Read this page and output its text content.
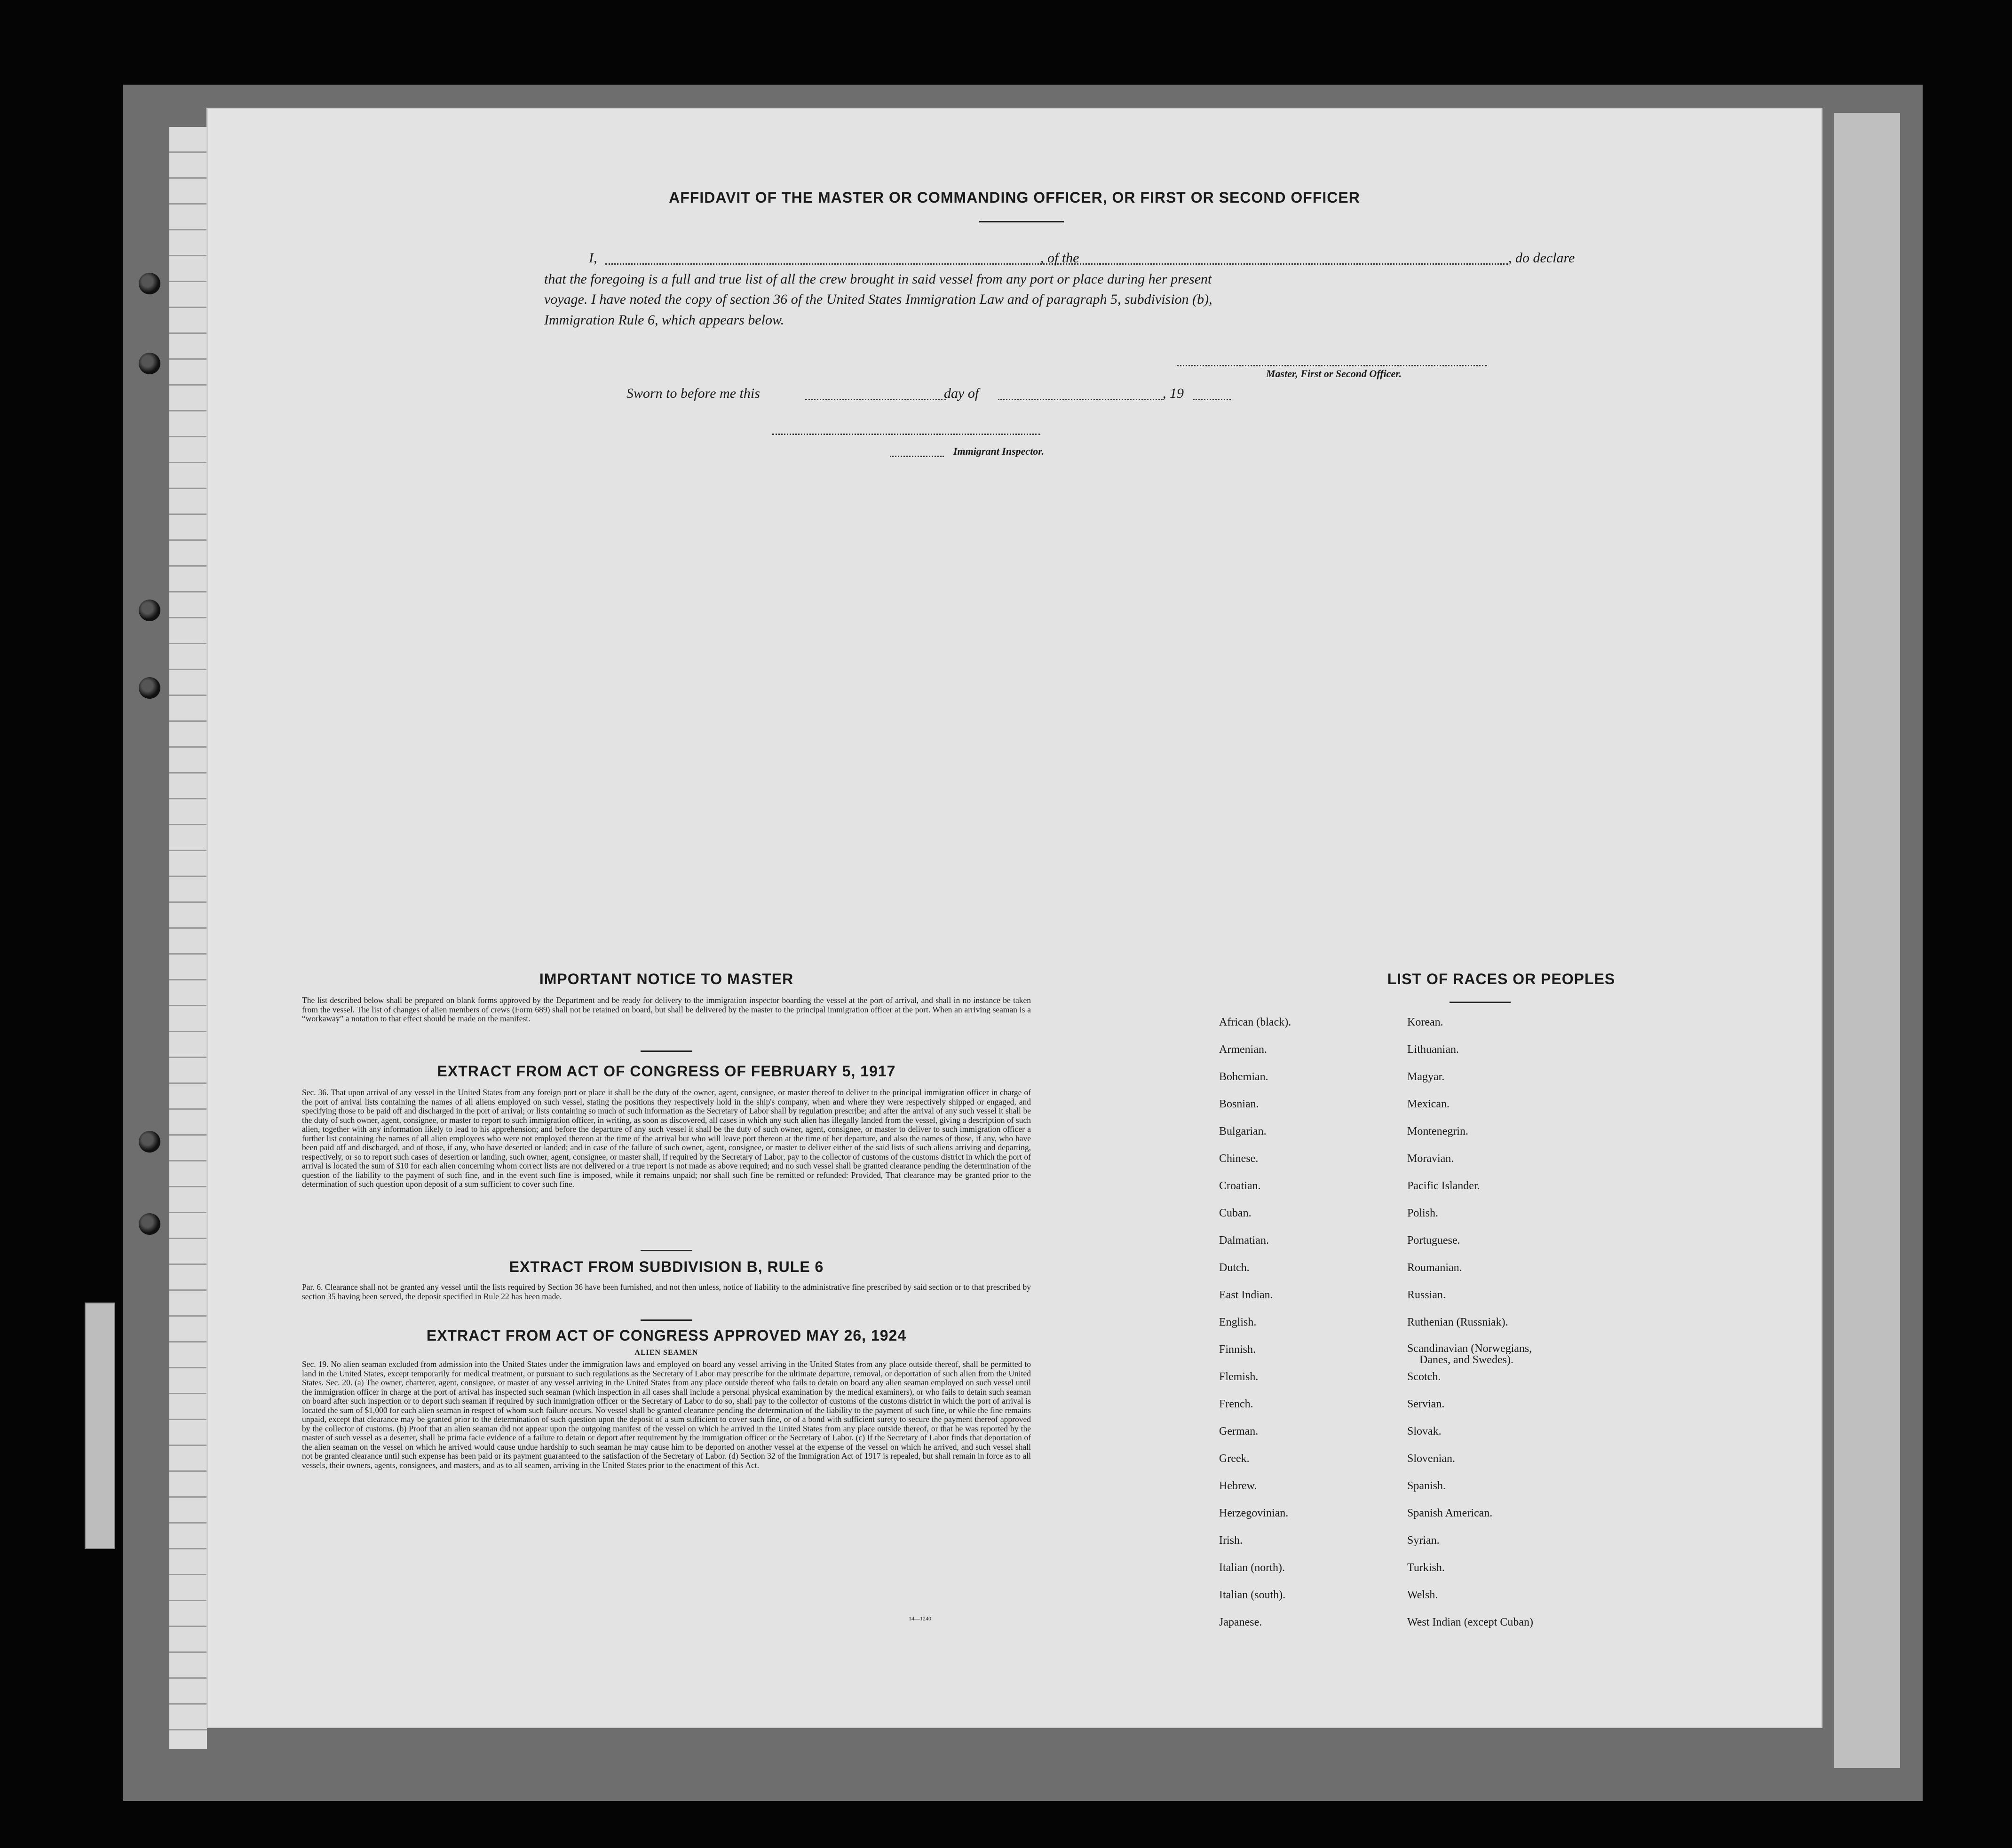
AFFIDAVIT OF THE MASTER OR COMMANDING OFFICER, OR FIRST OR SECOND OFFICER
I,	, of the	, do declare
that the foregoing is a full and true list of all the crew brought in said vessel from any port or place during her present
voyage. I have noted the copy of section 36 of the United States Immigration Law and of paragraph 5, subdivision (b),
Immigration Rule 6, which appears below.
Master, First or Second Officer.
Sworn to before me this	day of	, 19
Immigrant Inspector.
IMPORTANT NOTICE TO MASTER
The list described below shall be prepared on blank forms approved by the Department and be ready for delivery to the immigration inspector boarding the vessel at the port of arrival, and shall in no instance be taken from the vessel. The list of changes of alien members of crews (Form 689) shall not be retained on board, but shall be delivered by the master to the principal immigration officer at the port. When an arriving seaman is a “workaway” a notation to that effect should be made on the manifest.
EXTRACT FROM ACT OF CONGRESS OF FEBRUARY 5, 1917
Sec. 36. That upon arrival of any vessel in the United States from any foreign port or place it shall be the duty of the owner, agent, consignee, or master thereof to deliver to the principal immigration officer in charge of the port of arrival lists containing the names of all aliens employed on such vessel, stating the positions they respectively hold in the ship's company, when and where they were respectively shipped or engaged, and specifying those to be paid off and discharged in the port of arrival; or lists containing so much of such information as the Secretary of Labor shall by regulation prescribe; and after the arrival of any such vessel it shall be the duty of such owner, agent, consignee, or master to report to such immigration officer, in writing, as soon as discovered, all cases in which any such alien has illegally landed from the vessel, giving a description of such alien, together with any information likely to lead to his apprehension; and before the departure of any such vessel it shall be the duty of such owner, agent, consignee, or master to deliver to such immigration officer a further list containing the names of all alien employees who were not employed thereon at the time of the arrival but who will leave port thereon at the time of her departure, and also the names of those, if any, who have been paid off and discharged, and of those, if any, who have deserted or landed; and in case of the failure of such owner, agent, consignee, or master to deliver either of the said lists of such aliens arriving and departing, respectively, or so to report such cases of desertion or landing, such owner, agent, consignee, or master shall, if required by the Secretary of Labor, pay to the collector of customs of the customs district in which the port of arrival is located the sum of $10 for each alien concerning whom correct lists are not delivered or a true report is not made as above required; and no such vessel shall be granted clearance pending the determination of the question of the liability to the payment of such fine, and in the event such fine is imposed, while it remains unpaid; nor shall such fine be remitted or refunded: Provided, That clearance may be granted prior to the determination of such question upon deposit of a sum sufficient to cover such fine.
EXTRACT FROM SUBDIVISION B, RULE 6
Par. 6. Clearance shall not be granted any vessel until the lists required by Section 36 have been furnished, and not then unless, notice of liability to the administrative fine prescribed by said section or to that prescribed by section 35 having been served, the deposit specified in Rule 22 has been made.
EXTRACT FROM ACT OF CONGRESS APPROVED MAY 26, 1924
ALIEN SEAMEN
Sec. 19. No alien seaman excluded from admission into the United States under the immigration laws and employed on board any vessel arriving in the United States from any place outside thereof, shall be permitted to land in the United States, except temporarily for medical treatment, or pursuant to such regulations as the Secretary of Labor may prescribe for the ultimate departure, removal, or deportation of such alien from the United States. Sec. 20. (a) The owner, charterer, agent, consignee, or master of any vessel arriving in the United States from any place outside thereof who fails to detain on board any alien seaman employed on such vessel until the immigration officer in charge at the port of arrival has inspected such seaman (which inspection in all cases shall include a personal physical examination by the medical examiners), or who fails to detain such seaman on board after such inspection or to deport such seaman if required by such immigration officer or the Secretary of Labor to do so, shall pay to the collector of customs of the customs district in which the port of arrival is located the sum of $1,000 for each alien seaman in respect of whom such failure occurs. No vessel shall be granted clearance pending the determination of the liability to the payment of such fine, or while the fine remains unpaid, except that clearance may be granted prior to the determination of such question upon the deposit of a sum sufficient to cover such fine, or of a bond with sufficient surety to secure the payment thereof approved by the collector of customs. (b) Proof that an alien seaman did not appear upon the outgoing manifest of the vessel on which he arrived in the United States from any place outside thereof, or that he was reported by the master of such vessel as a deserter, shall be prima facie evidence of a failure to detain or deport after requirement by the immigration officer or the Secretary of Labor. (c) If the Secretary of Labor finds that deportation of the alien seaman on the vessel on which he arrived would cause undue hardship to such seaman he may cause him to be deported on another vessel at the expense of the vessel on which he arrived, and such vessel shall not be granted clearance until such expense has been paid or its payment guaranteed to the satisfaction of the Secretary of Labor. (d) Section 32 of the Immigration Act of 1917 is repealed, but shall remain in force as to all vessels, their owners, agents, consignees, and masters, and as to all seamen, arriving in the United States prior to the enactment of this Act.
14—1240
LIST OF RACES OR PEOPLES
African (black).
Armenian.
Bohemian.
Bosnian.
Bulgarian.
Chinese.
Croatian.
Cuban.
Dalmatian.
Dutch.
East Indian.
English.
Finnish.
Flemish.
French.
German.
Greek.
Hebrew.
Herzegovinian.
Irish.
Italian (north).
Italian (south).
Japanese.
Korean.
Lithuanian.
Magyar.
Mexican.
Montenegrin.
Moravian.
Pacific Islander.
Polish.
Portuguese.
Roumanian.
Russian.
Ruthenian (Russniak).
Scandinavian (Norwegians,
Danes, and Swedes).
Scotch.
Servian.
Slovak.
Slovenian.
Spanish.
Spanish American.
Syrian.
Turkish.
Welsh.
West Indian (except Cuban)
